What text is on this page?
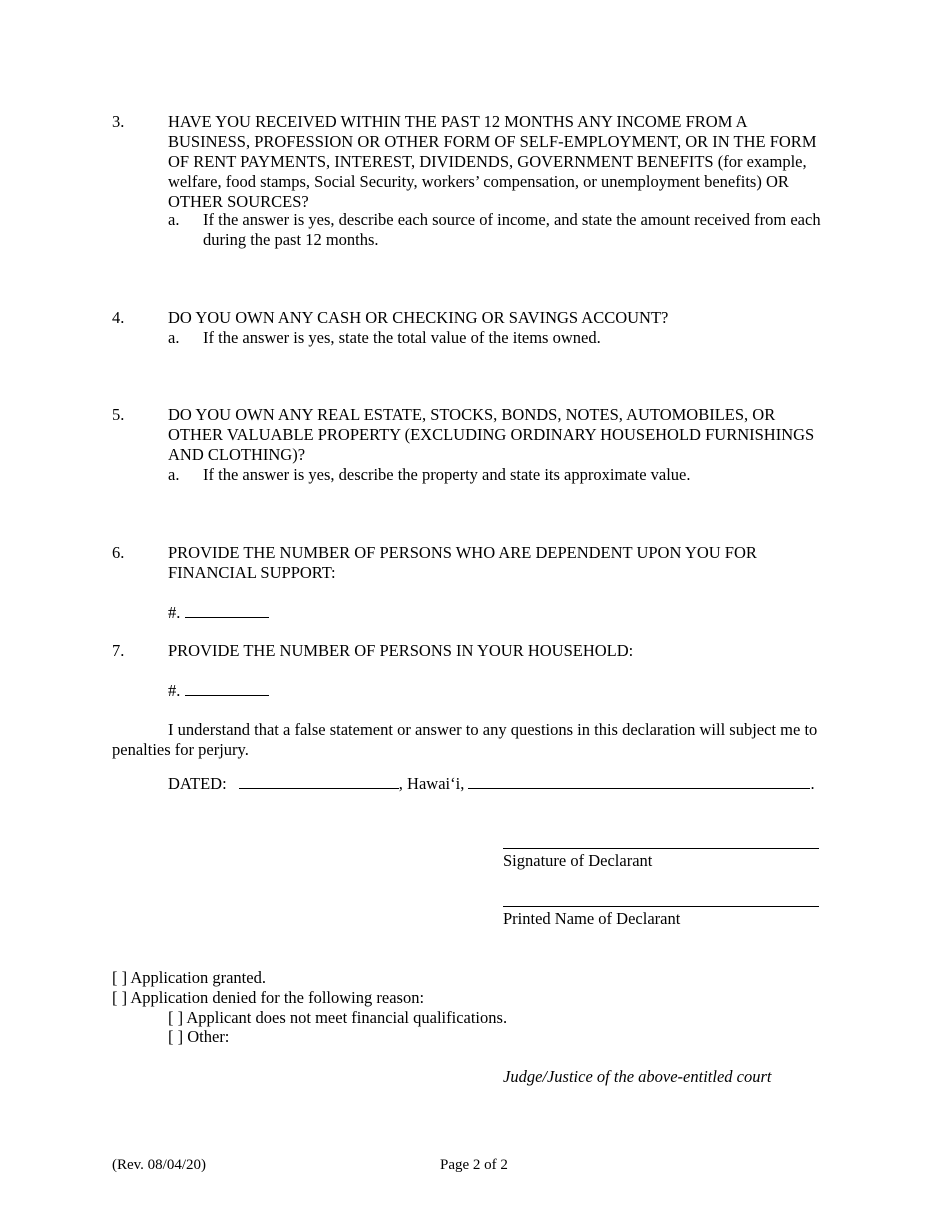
3.	HAVE YOU RECEIVED WITHIN THE PAST 12 MONTHS ANY INCOME FROM A BUSINESS, PROFESSION OR OTHER FORM OF SELF-EMPLOYMENT, OR IN THE FORM OF RENT PAYMENTS, INTEREST, DIVIDENDS, GOVERNMENT BENEFITS (for example, welfare, food stamps, Social Security, workers’ compensation, or unemployment benefits) OR OTHER SOURCES?
a. If the answer is yes, describe each source of income, and state the amount received from each during the past 12 months.
4.	DO YOU OWN ANY CASH OR CHECKING OR SAVINGS ACCOUNT?
a. If the answer is yes, state the total value of the items owned.
5.	DO YOU OWN ANY REAL ESTATE, STOCKS, BONDS, NOTES, AUTOMOBILES, OR OTHER VALUABLE PROPERTY (EXCLUDING ORDINARY HOUSEHOLD FURNISHINGS AND CLOTHING)?
a. If the answer is yes, describe the property and state its approximate value.
6.	PROVIDE THE NUMBER OF PERSONS WHO ARE DEPENDENT UPON YOU FOR FINANCIAL SUPPORT:
#.
7.	PROVIDE THE NUMBER OF PERSONS IN YOUR HOUSEHOLD:
#.
I understand that a false statement or answer to any questions in this declaration will subject me to penalties for perjury.
DATED:	, Hawai‘i,	.
Signature of Declarant
Printed Name of Declarant
[ ] Application granted.
[ ] Application denied for the following reason:
[ ] Applicant does not meet financial qualifications.
[ ] Other:
Judge/Justice of the above-entitled court
(Rev. 08/04/20)	Page 2 of 2
